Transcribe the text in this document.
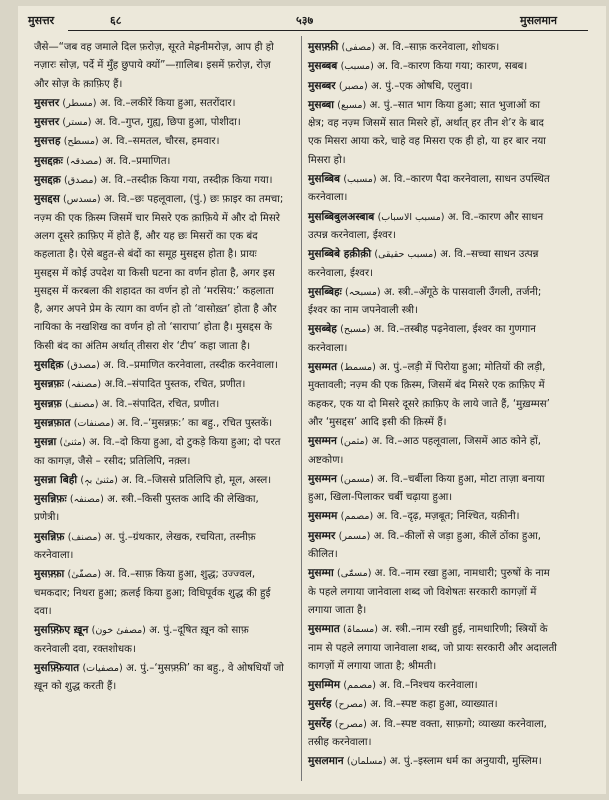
मुसत्तर	६८	५३७	मुसलमान

जैसे—“जब वह जमाले दिल फ़रोज़, सूरते मेह्रनीमरोज़, आप ही हो नज़ारः सोज़, पर्दे में मुँह छुपाये क्यों”—ग़ालिब। इसमें फ़रोज़, रोज़ और सोज़ के क़ाफ़िए हैं।

मुसत्तर (مسطر) अ. वि.–लकीरें किया हुआ, सतरोंदार।

मुसत्तर (مستر) अ. वि.–गुप्त, गुह्य, छिपा हुआ, पोशीदा।

मुसत्तह (مسطح) अ. वि.–समतल, चौरस, हमवार।

मुसद्दक़ः (مصدقہ) अ. वि.–प्रमाणित।

मुसद्दक़ (مصدق) अ. वि.–तस्दीक़ किया गया, तस्दीक़ किया गया।

मुसद्दस (مسدس) अ. वि.–छः पहलूवाला, (पुं.) छः फ़ाइर का तमचा; नज़्म की एक क़िस्म जिसमें चार मिसरे एक क़ाफ़िये में और दो मिसरे अलग दूसरे क़ाफ़िए में होते हैं, और यह छः मिसरों का एक बंद कहलाता है। ऐसे बहुत-से बंदों का समूह मुसद्दस होता है। प्रायः मुसद्दस में कोई उपदेश या किसी घटना का वर्णन होता है, अगर इस मुसद्दस में करबला की शहादत का वर्णन हो तो ‘मरसिय:’ कहलाता है, अगर अपने प्रेम के त्याग का वर्णन हो तो ‘वासोख़्त’ होता है और नायिका के नखशिख का वर्णन हो तो ‘सारापा’ होता है। मुसद्दस के किसी बंद का अंतिम अर्थात् तीसरा शेर ‘टीप’ कहा जाता है।

मुसद्दिक़ (مصدق) अ. वि.–प्रमाणित करनेवाला, तस्दीक़ करनेवाला।

मुसन्नफ़ः (مصنفہ) अ.वि.–संपादित पुस्तक, रचित, प्रणीत।

मुसन्नफ़ (مصنف) अ. वि.–संपादित, रचित, प्रणीत।

मुसन्नफ़ात (مصنفات) अ. वि.–‘मुसन्नफ़:’ का बहु., रचित पुस्तकें।

मुसन्ना (مثنیٰ) अ. वि.–दो किया हुआ, दो टुकड़े किया हुआ; दो परत का कागज़, जैसे – रसीद; प्रतिलिपि, नक़्ल।

मुसन्ना बिही (مثنیٰ بہٖ) अ. वि.–जिससे प्रतिलिपि हो, मूल, अस्ल।

मुसन्निफ़ः (مصنفہ) अ. स्त्री.–किसी पुस्तक आदि की लेखिका, प्रणेत्री।

मुसन्निफ़ (مصنف) अ. पुं.–ग्रंथकार, लेखक, रचयिता, तस्नीफ़ करनेवाला।

मुसफ़्फ़ा (مصفّیٰ) अ. वि.–साफ़ किया हुआ, शुद्ध; उज्ज्वल, चमकदार; निथरा हुआ; क़लई किया हुआ; विधिपूर्वक शुद्ध की हुई दवा।

मुसफ़्फ़िए ख़ून (مصفیٔ خون) अ. पुं.–दूषित ख़ून को साफ़ करनेवाली दवा, रक्तशोधक।

मुसफ़्फ़ियात (مصفیات) अ. पुं.–‘मुसफ़्फ़ी’ का बहु., वे ओषधियाँ जो ख़ून को शुद्ध करती हैं।

मुसफ़्फ़ी (مصفی) अ. वि.–साफ़ करनेवाला, शोधक।

मुसब्बब (مسبب) अ. वि.–कारण किया गया; कारण, सबब।

मुसब्बर (مصبر) अ. पुं.–एक ओषधि, एलुवा।

मुसब्बा (مسبع) अ. पुं.–सात भाग किया हुआ; सात भुजाओं का क्षेत्र; वह नज़्म जिसमें सात मिसरे हों, अर्थात् हर तीन शे’र के बाद एक मिसरा आया करे, चाहे वह मिसरा एक ही हो, या हर बार नया मिसरा हो।

मुसब्बिब (مسبب) अ. वि.–कारण पैदा करनेवाला, साधन उपस्थित करनेवाला।

मुसब्बिबुलअस्बाब (مسبب الاسباب) अ. वि.–कारण और साधन उत्पन्न करनेवाला, ईश्वर।

मुसब्बिबे हक़ीक़ी (مسبب حقیقی) अ. वि.–सच्चा साधन उत्पन्न करनेवाला, ईश्वर।

मुसब्बिहः (مسبحہ) अ. स्त्री.–अँगूठे के पासवाली उँगली, तर्जनी; ईश्वर का नाम जपनेवाली स्त्री।

मुसब्बेह (مسبح) अ. वि.–तस्बीह पढ़नेवाला, ईश्वर का गुणगान करनेवाला।

मुसम्मत (مسمط) अ. पुं.–लड़ी में पिरोया हुआ; मोतियों की लड़ी, मुक्तावली; नज़्म की एक क़िस्म, जिसमें बंद मिसरे एक क़ाफ़िए में कहकर, एक या दो मिसरे दूसरे क़ाफ़िए के लाये जाते हैं, ‘मुख़म्मस’ और ‘मुसद्दस’ आदि इसी की क़िस्में हैं।

मुसम्मन (مثمن) अ. वि.–आठ पहलूवाला, जिसमें आठ कोने हों, अष्टकोण।

मुसम्मन (مسمن) अ. वि.–चर्बीला किया हुआ, मोटा ताज़ा बनाया हुआ, खिला-पिलाकर चर्बी चढ़ाया हुआ।

मुसम्मम (مصمم) अ. वि.–दृढ़, मज़बूत; निश्चित, यक़ीनी।

मुसम्मर (مسمر) अ. वि.–कीलों से जड़ा हुआ, कीलें ठोंका हुआ, कीलित।

मुसम्मा (مسمّٰی) अ. वि.–नाम रखा हुआ, नामधारी; पुरुषों के नाम के पहले लगाया जानेवाला शब्द जो विशेषतः सरकारी कागज़ों में लगाया जाता है।

मुसम्मात (مسماۃ) अ. स्त्री.–नाम रखी हुई, नामधारिणी; स्त्रियों के नाम से पहले लगाया जानेवाला शब्द, जो प्रायः सरकारी और अदालती कागज़ों में लगाया जाता है; श्रीमती।

मुसम्मिम (مصمم) अ. वि.–निश्चय करनेवाला।

मुसर्रह (مصرح) अ. वि.–स्पष्ट कहा हुआ, व्याख्यात।

मुसर्रेह (مصرح) अ. वि.–स्पष्ट वक्ता, साफ़गो; व्याख्या करनेवाला, तस्रीह करनेवाला।

मुसलमान (مسلمان) अ. पुं.–इस्लाम धर्म का अनुयायी, मुस्लिम।
